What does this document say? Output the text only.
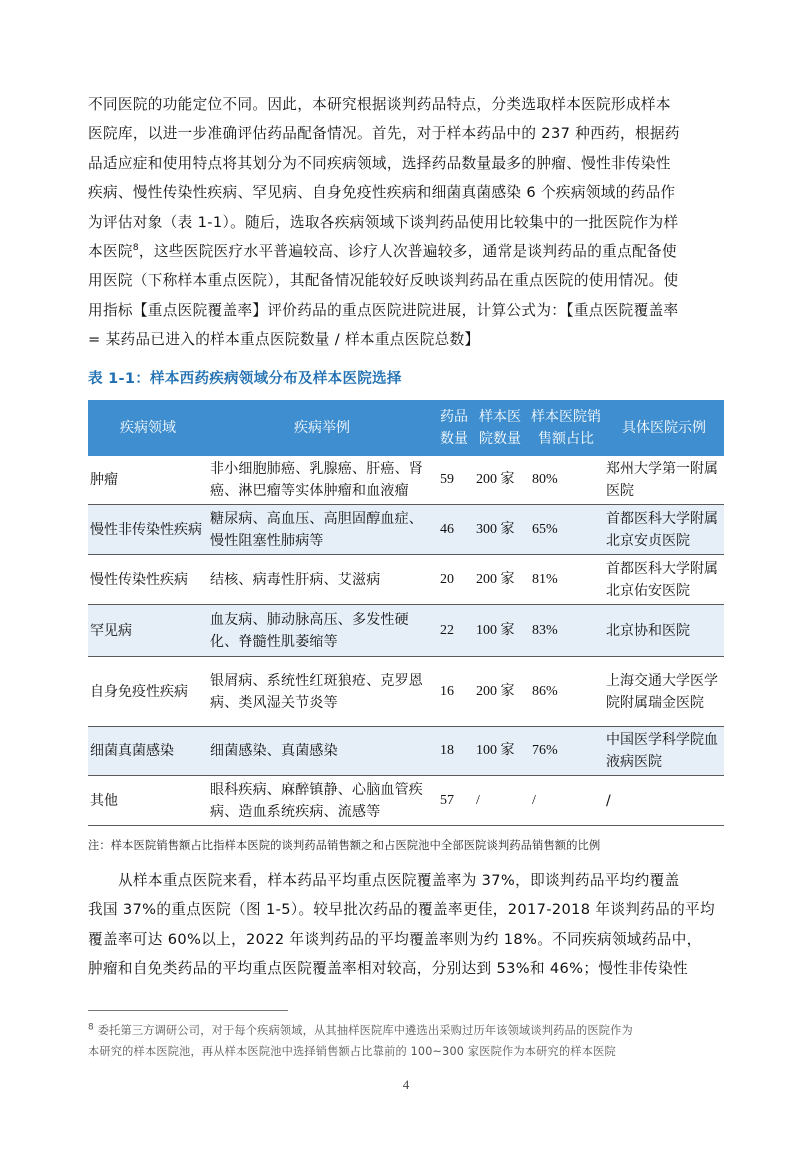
不同医院的功能定位不同。因此，本研究根据谈判药品特点，分类选取样本医院形成样本
医院库，以进一步准确评估药品配备情况。首先，对于样本药品中的 237 种西药，根据药
品适应症和使用特点将其划分为不同疾病领域，选择药品数量最多的肿瘤、慢性非传染性
疾病、慢性传染性疾病、罕见病、自身免疫性疾病和细菌真菌感染 6 个疾病领域的药品作
为评估对象（表 1-1）。随后，选取各疾病领域下谈判药品使用比较集中的一批医院作为样
本医院$^8$，这些医院医疗水平普遍较高、诊疗人次普遍较多，通常是谈判药品的重点配备使
用医院（下称样本重点医院），其配备情况能较好反映谈判药品在重点医院的使用情况。使
用指标【重点医院覆盖率】评价药品的重点医院进院进展，计算公式为：【重点医院覆盖率
= 某药品已进入的样本重点医院数量 / 样本重点医院总数】
表 1-1：样本西药疾病领域分布及样本医院选择
疾病领域	疾病举例	药品数量	样本医院数量	样本医院销售额占比	具体医院示例
肿瘤	非小细胞肺癌、乳腺癌、肝癌、肾癌、淋巴瘤等实体肿瘤和血液瘤	59	200 家	80%	郑州大学第一附属医院
慢性非传染性疾病	糖尿病、高血压、高胆固醇血症、慢性阻塞性肺病等	46	300 家	65%	首都医科大学附属北京安贞医院
慢性传染性疾病	结核、病毒性肝病、艾滋病	20	200 家	81%	首都医科大学附属北京佑安医院
罕见病	血友病、肺动脉高压、多发性硬化、脊髓性肌萎缩等	22	100 家	83%	北京协和医院
自身免疫性疾病	银屑病、系统性红斑狼疮、克罗恩病、类风湿关节炎等	16	200 家	86%	上海交通大学医学院附属瑞金医院
细菌真菌感染	细菌感染、真菌感染	18	100 家	76%	中国医学科学院血液病医院
其他	眼科疾病、麻醉镇静、心脑血管疾病、造血系统疾病、流感等	57	/	/	/
注：样本医院销售额占比指样本医院的谈判药品销售额之和占医院池中全部医院谈判药品销售额的比例
从样本重点医院来看，样本药品平均重点医院覆盖率为 37%，即谈判药品平均约覆盖
我国 37%的重点医院（图 1-5）。较早批次药品的覆盖率更佳，2017-2018 年谈判药品的平均
覆盖率可达 60%以上，2022 年谈判药品的平均覆盖率则为约 18%。不同疾病领域药品中，
肿瘤和自免类药品的平均重点医院覆盖率相对较高，分别达到 53%和 46%；慢性非传染性
$^8$ 委托第三方调研公司，对于每个疾病领域，从其抽样医院库中遴选出采购过历年该领域谈判药品的医院作为
本研究的样本医院池，再从样本医院池中选择销售额占比靠前的 100~300 家医院作为本研究的样本医院
4
